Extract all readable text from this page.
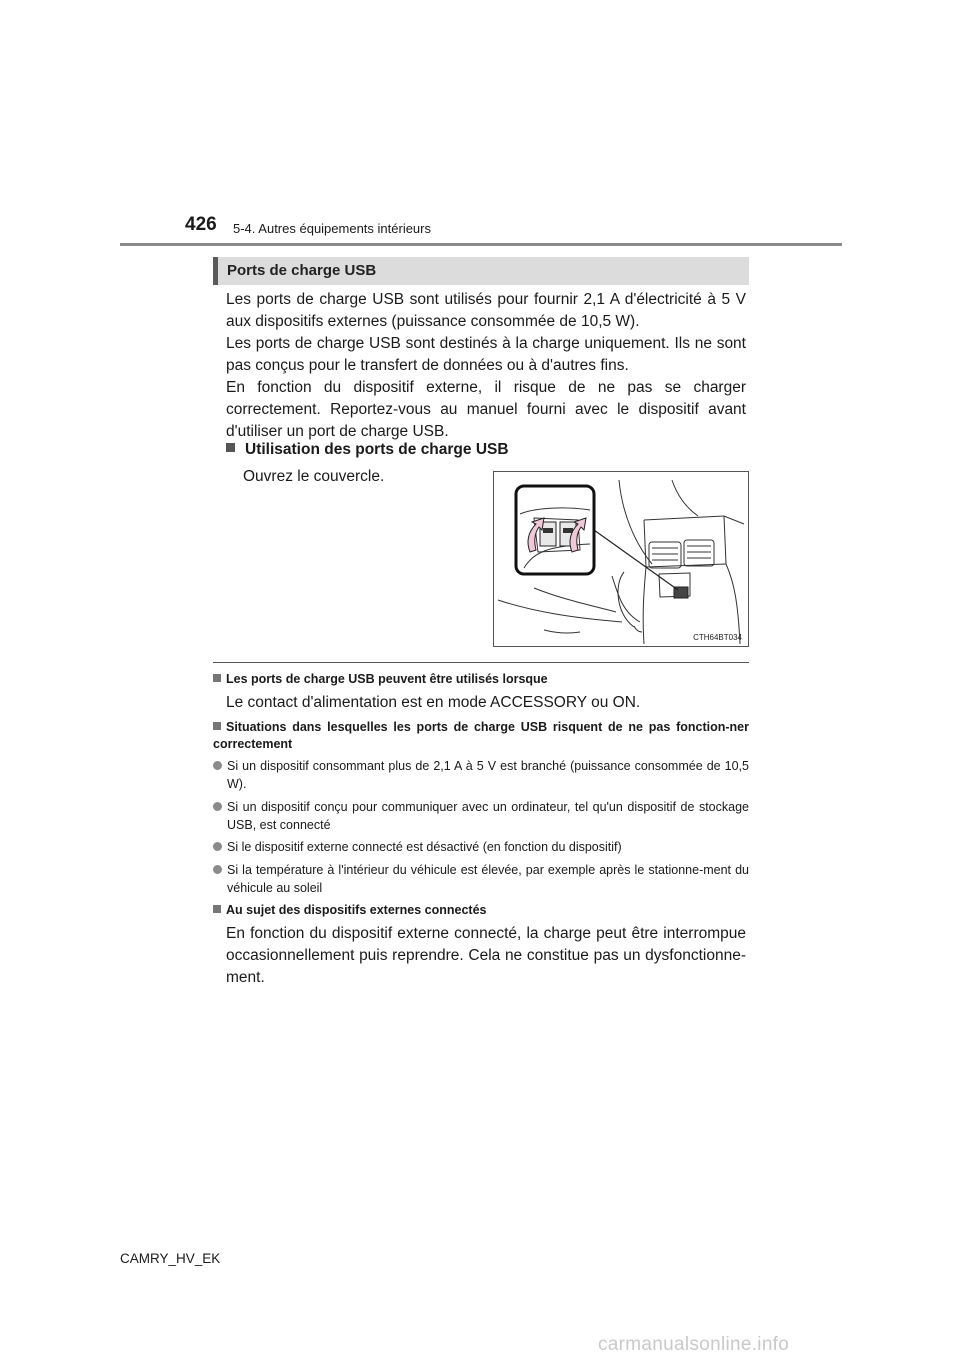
426 5-4. Autres équipements intérieurs
Ports de charge USB

Les ports de charge USB sont utilisés pour fournir 2,1 A d'électricité à 5 V aux dispositifs externes (puissance consommée de 10,5 W).

Les ports de charge USB sont destinés à la charge uniquement. Ils ne sont pas conçus pour le transfert de données ou à d'autres fins.

En fonction du dispositif externe, il risque de ne pas se charger correctement. Reportez-vous au manuel fourni avec le dispositif avant d'utiliser un port de charge USB.

Utilisation des ports de charge USB
Ouvrez le couvercle.
CTH64BT034
Les ports de charge USB peuvent être utilisés lorsque
Le contact d'alimentation est en mode ACCESSORY ou ON.
Situations dans lesquelles les ports de charge USB risquent de ne pas fonction-ner correctement
Si un dispositif consommant plus de 2,1 A à 5 V est branché (puissance consommée de 10,5 W).
Si un dispositif conçu pour communiquer avec un ordinateur, tel qu'un dispositif de stockage USB, est connecté
Si le dispositif externe connecté est désactivé (en fonction du dispositif)
Si la température à l'intérieur du véhicule est élevée, par exemple après le stationne-ment du véhicule au soleil
Au sujet des dispositifs externes connectés
En fonction du dispositif externe connecté, la charge peut être interrompue occasionnellement puis reprendre. Cela ne constitue pas un dysfonctionne-ment.
CAMRY_HV_EK
carmanualsonline.info
